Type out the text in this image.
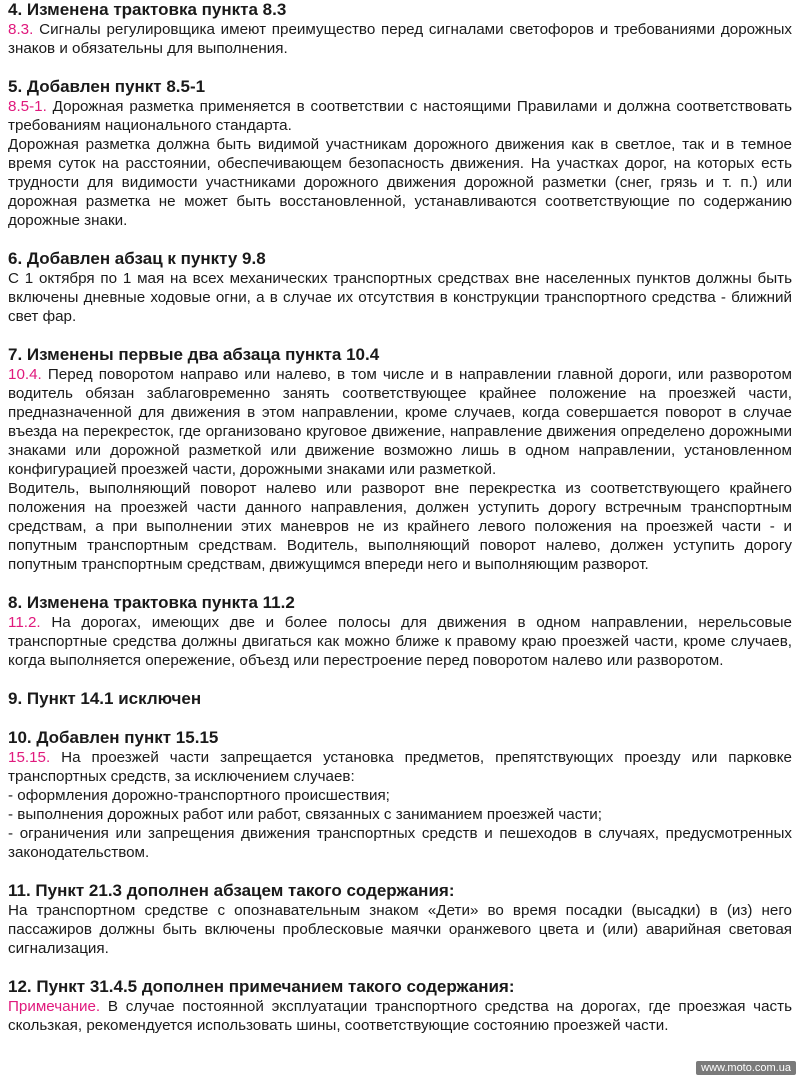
4. Изменена трактовка пункта 8.3

8.3. Сигналы регулировщика имеют преимущество перед сигналами светофоров и требованиями дорожных знаков и обязательны для выполнения.

5. Добавлен пункт 8.5-1

8.5-1. Дорожная разметка применяется в соответствии с настоящими Правилами и должна соответствовать требованиям национального стандарта.

Дорожная разметка должна быть видимой участникам дорожного движения как в светлое, так и в темное время суток на расстоянии, обеспечивающем безопасность движения. На участках дорог, на которых есть трудности для видимости участниками дорожного движения дорожной разметки (снег, грязь и т. п.) или дорожная разметка не может быть восстановленной, устанавливаются соответствующие по содержанию дорожные знаки.

6. Добавлен абзац к пункту 9.8

С 1 октября по 1 мая на всех механических транспортных средствах вне населенных пунктов должны быть включены дневные ходовые огни, а в случае их отсутствия в конструкции транспортного средства - ближний свет фар.

7. Изменены первые два абзаца пункта 10.4

10.4. Перед поворотом направо или налево, в том числе и в направлении главной дороги, или разворотом водитель обязан заблаговременно занять соответствующее крайнее положение на проезжей части, предназначенной для движения в этом направлении, кроме случаев, когда совершается поворот в случае въезда на перекресток, где организовано круговое движение, направление движения определено дорожными знаками или дорожной разметкой или движение возможно лишь в одном направлении, установленном конфигурацией проезжей части, дорожными знаками или разметкой.

Водитель, выполняющий поворот налево или разворот вне перекрестка из соответствующего крайнего положения на проезжей части данного направления, должен уступить дорогу встречным транспортным средствам, а при выполнении этих маневров не из крайнего левого положения на проезжей части - и попутным транспортным средствам. Водитель, выполняющий поворот налево, должен уступить дорогу попутным транспортным средствам, движущимся впереди него и выполняющим разворот.

8. Изменена трактовка пункта 11.2

11.2. На дорогах, имеющих две и более полосы для движения в одном направлении, нерельсовые транспортные средства должны двигаться как можно ближе к правому краю проезжей части, кроме случаев, когда выполняется опережение, объезд или перестроение перед поворотом налево или разворотом.

9. Пункт 14.1 исключен
10. Добавлен пункт 15.15

15.15. На проезжей части запрещается установка предметов, препятствующих проезду или парковке транспортных средств, за исключением случаев:

- оформления дорожно-транспортного происшествия;

- выполнения дорожных работ или работ, связанных с занимaнием проезжей части;

- ограничения или запрещения движения транспортных средств и пешеходов в случаях, предусмотренных законодательством.

11. Пункт 21.3 дополнен абзацем такого содержания:

На транспортном средстве с опознавательным знаком «Дети» во время посадки (высадки) в (из) него пассажиров должны быть включены проблесковые маячки оранжевого цвета и (или) аварийная световая сигнализация.

12. Пункт 31.4.5 дополнен примечанием такого содержания:

Примечание. В случае постоянной эксплуатации транспортного средства на дорогах, где проезжая часть скользкая, рекомендуется использовать шины, соответствующие состоянию проезжей части.

www.moto.com.ua
